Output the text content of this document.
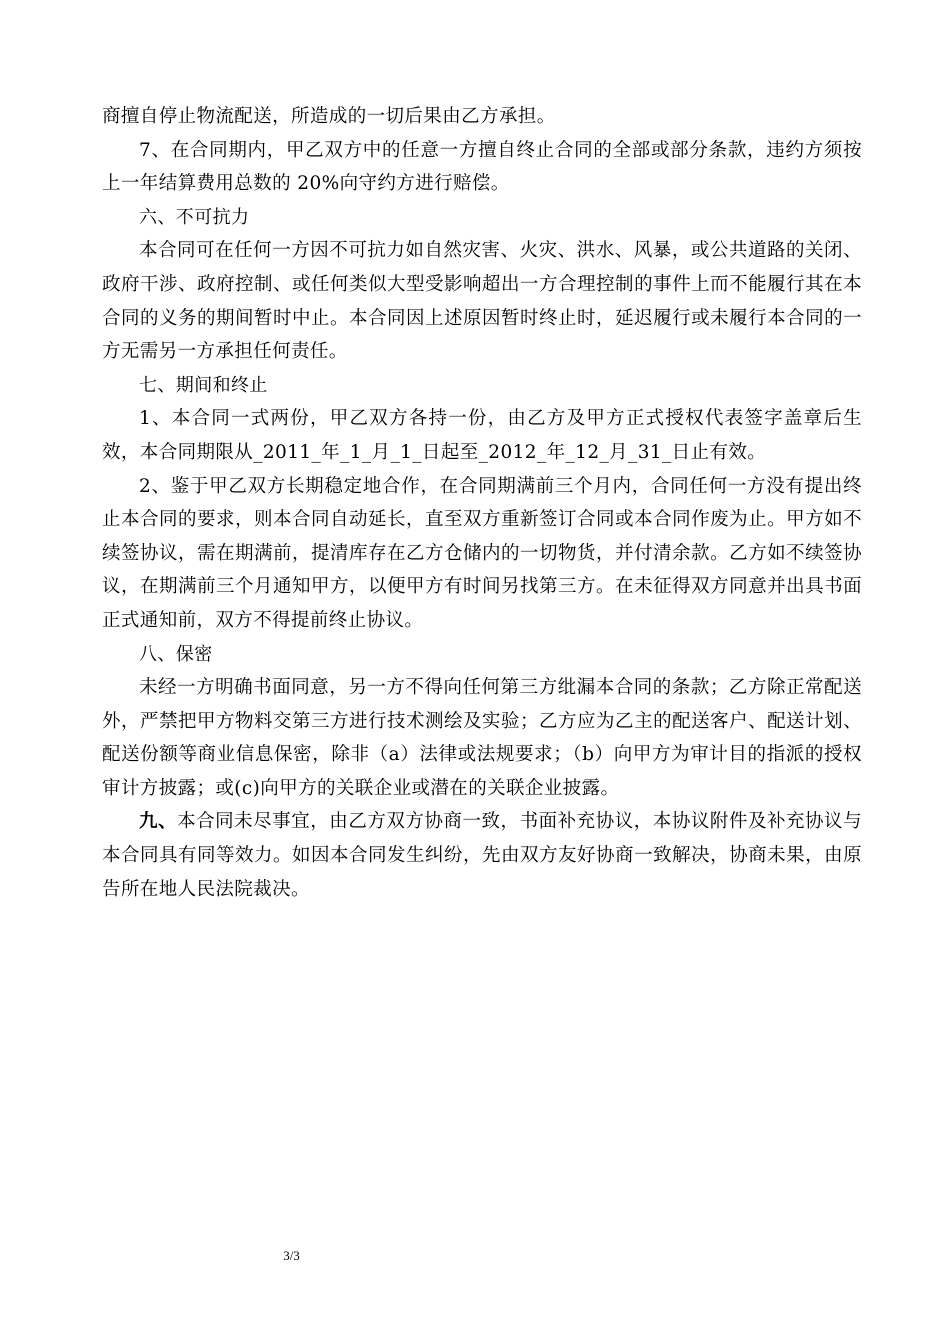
商擅自停止物流配送，所造成的一切后果由乙方承担。

7、在合同期内，甲乙双方中的任意一方擅自终止合同的全部或部分条款，违约方须按上一年结算费用总数的 20%向守约方进行赔偿。

六、不可抗力

本合同可在任何一方因不可抗力如自然灾害、火灾、洪水、风暴，或公共道路的关闭、政府干涉、政府控制、或任何类似大型受影响超出一方合理控制的事件上而不能履行其在本合同的义务的期间暂时中止。本合同因上述原因暂时终止时，延迟履行或未履行本合同的一方无需另一方承担任何责任。

七、期间和终止

1、本合同一式两份，甲乙双方各持一份，由乙方及甲方正式授权代表签字盖章后生效，本合同期限从_2011_年_1_月_1_日起至_2012_年_12_月_31_日止有效。

2、鉴于甲乙双方长期稳定地合作，在合同期满前三个月内，合同任何一方没有提出终止本合同的要求，则本合同自动延长，直至双方重新签订合同或本合同作废为止。甲方如不续签协议，需在期满前，提清库存在乙方仓储内的一切物货，并付清余款。乙方如不续签协议，在期满前三个月通知甲方，以便甲方有时间另找第三方。在未征得双方同意并出具书面正式通知前，双方不得提前终止协议。

八、保密

未经一方明确书面同意，另一方不得向任何第三方纰漏本合同的条款；乙方除正常配送外，严禁把甲方物料交第三方进行技术测绘及实验；乙方应为乙主的配送客户、配送计划、配送份额等商业信息保密，除非（a）法律或法规要求；（b）向甲方为审计目的指派的授权审计方披露；或(c)向甲方的关联企业或潜在的关联企业披露。

九、本合同未尽事宜，由乙方双方协商一致，书面补充协议，本协议附件及补充协议与本合同具有同等效力。如因本合同发生纠纷，先由双方友好协商一致解决，协商未果，由原告所在地人民法院裁决。

3/3
